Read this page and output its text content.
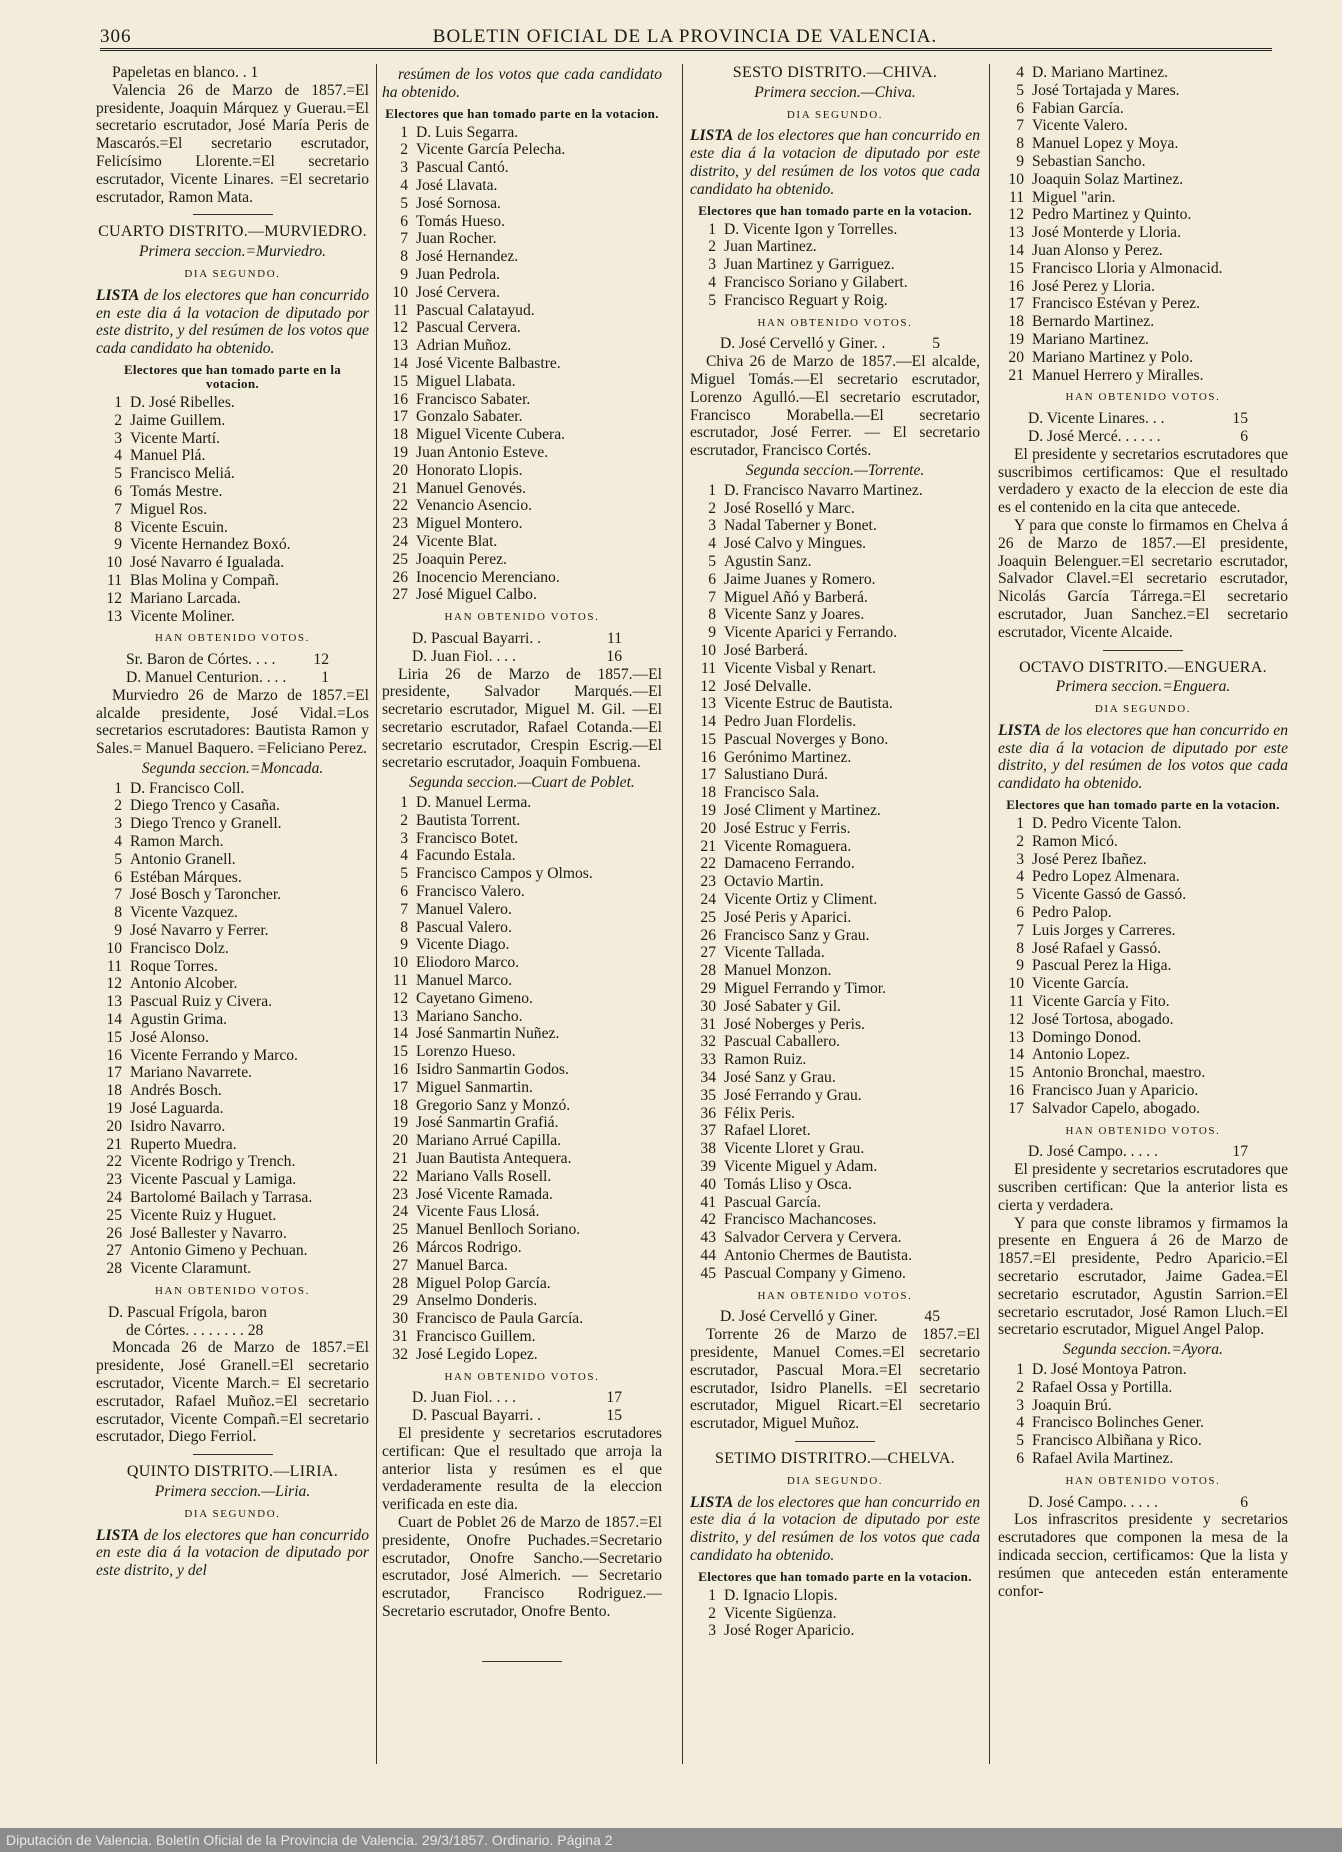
306	BOLETIN OFICIAL DE LA PROVINCIA DE VALENCIA.

Papeletas en blanco. . 1

Valencia 26 de Marzo de 1857.=El presidente, Joaquin Márquez y Guerau.=El secretario escrutador, José María Peris de Mascarós.=El secretario escrutador, Felicísimo Llorente.=El secretario escrutador, Vicente Linares. =El secretario escrutador, Ramon Mata.

CUARTO DISTRITO.—MURVIEDRO.
Primera seccion.=Murviedro.
DIA SEGUNDO.

LISTA de los electores que han concurrido en este dia á la votacion de diputado por este distrito, y del resúmen de los votos que cada candidato ha obtenido.

Electores que han tomado parte en la votacion.
1 D. José Ribelles.
2 Jaime Guillem.
3 Vicente Martí.
4 Manuel Plá.
5 Francisco Meliá.
6 Tomás Mestre.
7 Miguel Ros.
8 Vicente Escuin.
9 Vicente Hernandez Boxó.
10 José Navarro é Igualada.
11 Blas Molina y Compañ.
12 Mariano Larcada.
13 Vicente Moliner.
HAN OBTENIDO VOTOS.
Sr. Baron de Córtes. . . . 12
D. Manuel Centurion. . . . 1

Murviedro 26 de Marzo de 1857.=El alcalde presidente, José Vidal.=Los secretarios escrutadores: Bautista Ramon y Sales.= Manuel Baquero. =Feliciano Perez.

Segunda seccion.=Moncada.
1 D. Francisco Coll.
2 Diego Trenco y Casaña.
3 Diego Trenco y Granell.
4 Ramon March.
5 Antonio Granell.
6 Estéban Márques.
7 José Bosch y Taroncher.
8 Vicente Vazquez.
9 José Navarro y Ferrer.
10 Francisco Dolz.
11 Roque Torres.
12 Antonio Alcober.
13 Pascual Ruiz y Civera.
14 Agustin Grima.
15 José Alonso.
16 Vicente Ferrando y Marco.
17 Mariano Navarrete.
18 Andrés Bosch.
19 José Laguarda.
20 Isidro Navarro.
21 Ruperto Muedra.
22 Vicente Rodrigo y Trench.
23 Vicente Pascual y Lamiga.
24 Bartolomé Bailach y Tarrasa.
25 Vicente Ruiz y Huguet.
26 José Ballester y Navarro.
27 Antonio Gimeno y Pechuan.
28 Vicente Claramunt.
HAN OBTENIDO VOTOS.
D. Pascual Frígola, baron
de Córtes. . . . . . . . 28

Moncada 26 de Marzo de 1857.=El presidente, José Granell.=El secretario escrutador, Vicente March.= El secretario escrutador, Rafael Muñoz.=El secretario escrutador, Vicente Compañ.=El secretario escrutador, Diego Ferriol.

QUINTO DISTRITO.—LIRIA.
Primera seccion.—Liria.
DIA SEGUNDO.

LISTA de los electores que han concurrido en este dia á la votacion de diputado por este distrito, y del

resúmen de los votos que cada candidato ha obtenido.

Electores que han tomado parte en la votacion.
1 D. Luis Segarra.
2 Vicente García Pelecha.
3 Pascual Cantó.
4 José Llavata.
5 José Sornosa.
6 Tomás Hueso.
7 Juan Rocher.
8 José Hernandez.
9 Juan Pedrola.
10 José Cervera.
11 Pascual Calatayud.
12 Pascual Cervera.
13 Adrian Muñoz.
14 José Vicente Balbastre.
15 Miguel Llabata.
16 Francisco Sabater.
17 Gonzalo Sabater.
18 Miguel Vicente Cubera.
19 Juan Antonio Esteve.
20 Honorato Llopis.
21 Manuel Genovés.
22 Venancio Asencio.
23 Miguel Montero.
24 Vicente Blat.
25 Joaquin Perez.
26 Inocencio Merenciano.
27 José Miguel Calbo.
HAN OBTENIDO VOTOS.
D. Pascual Bayarri. .	11
D. Juan Fiol. . . .	16

Liria 26 de Marzo de 1857.—El presidente, Salvador Marqués.—El secretario escrutador, Miguel M. Gil. —El secretario escrutador, Rafael Cotanda.—El secretario escrutador, Crespin Escrig.—El secretario escrutador, Joaquin Fombuena.

Segunda seccion.—Cuart de Poblet.
1 D. Manuel Lerma.
2 Bautista Torrent.
3 Francisco Botet.
4 Facundo Estala.
5 Francisco Campos y Olmos.
6 Francisco Valero.
7 Manuel Valero.
8 Pascual Valero.
9 Vicente Diago.
10 Eliodoro Marco.
11 Manuel Marco.
12 Cayetano Gimeno.
13 Mariano Sancho.
14 José Sanmartin Nuñez.
15 Lorenzo Hueso.
16 Isidro Sanmartin Godos.
17 Miguel Sanmartin.
18 Gregorio Sanz y Monzó.
19 José Sanmartin Grafiá.
20 Mariano Arrué Capilla.
21 Juan Bautista Antequera.
22 Mariano Valls Rosell.
23 José Vicente Ramada.
24 Vicente Faus Llosá.
25 Manuel Benlloch Soriano.
26 Márcos Rodrigo.
27 Manuel Barca.
28 Miguel Polop García.
29 Anselmo Donderis.
30 Francisco de Paula García.
31 Francisco Guillem.
32 José Legido Lopez.
HAN OBTENIDO VOTOS.
D. Juan Fiol. . . .	17
D. Pascual Bayarri. .	15

El presidente y secretarios escrutadores certifican: Que el resultado que arroja la anterior lista y resúmen es el que verdaderamente resulta de la eleccion verificada en este dia.

Cuart de Poblet 26 de Marzo de 1857.=El presidente, Onofre Puchades.=Secretario escrutador, Onofre Sancho.—Secretario escrutador, José Almerich. — Secretario escrutador, Francisco Rodriguez.—Secretario escrutador, Onofre Bento.

SESTO DISTRITO.—CHIVA.
Primera seccion.—Chiva.
DIA SEGUNDO.

LISTA de los electores que han concurrido en este dia á la votacion de diputado por este distrito, y del resúmen de los votos que cada candidato ha obtenido.

Electores que han tomado parte en la votacion.
1 D. Vicente Igon y Torrelles.
2 Juan Martinez.
3 Juan Martinez y Garriguez.
4 Francisco Soriano y Gilabert.
5 Francisco Reguart y Roig.
HAN OBTENIDO VOTOS.
D. José Cervelló y Giner. .	5

Chiva 26 de Marzo de 1857.—El alcalde, Miguel Tomás.—El secretario escrutador, Lorenzo Agulló.—El secretario escrutador, Francisco Morabella.—El secretario escrutador, José Ferrer. — El secretario escrutador, Francisco Cortés.

Segunda seccion.—Torrente.
1 D. Francisco Navarro Martinez.
2 José Roselló y Marc.
3 Nadal Taberner y Bonet.
4 José Calvo y Mingues.
5 Agustin Sanz.
6 Jaime Juanes y Romero.
7 Miguel Añó y Barberá.
8 Vicente Sanz y Joares.
9 Vicente Aparici y Ferrando.
10 José Barberá.
11 Vicente Visbal y Renart.
12 José Delvalle.
13 Vicente Estruc de Bautista.
14 Pedro Juan Flordelis.
15 Pascual Noverges y Bono.
16 Gerónimo Martinez.
17 Salustiano Durá.
18 Francisco Sala.
19 José Climent y Martinez.
20 José Estruc y Ferris.
21 Vicente Romaguera.
22 Damaceno Ferrando.
23 Octavio Martin.
24 Vicente Ortiz y Climent.
25 José Peris y Aparici.
26 Francisco Sanz y Grau.
27 Vicente Tallada.
28 Manuel Monzon.
29 Miguel Ferrando y Timor.
30 José Sabater y Gil.
31 José Noberges y Peris.
32 Pascual Caballero.
33 Ramon Ruiz.
34 José Sanz y Grau.
35 José Ferrando y Grau.
36 Félix Peris.
37 Rafael Lloret.
38 Vicente Lloret y Grau.
39 Vicente Miguel y Adam.
40 Tomás Lliso y Osca.
41 Pascual García.
42 Francisco Machancoses.
43 Salvador Cervera y Cervera.
44 Antonio Chermes de Bautista.
45 Pascual Company y Gimeno.
HAN OBTENIDO VOTOS.
D. José Cervelló y Giner.	45

Torrente 26 de Marzo de 1857.=El presidente, Manuel Comes.=El secretario escrutador, Pascual Mora.=El secretario escrutador, Isidro Planells. =El secretario escrutador, Miguel Ricart.=El secretario escrutador, Miguel Muñoz.

SETIMO DISTRITRO.—CHELVA.
DIA SEGUNDO.

LISTA de los electores que han concurrido en este dia á la votacion de diputado por este distrito, y del resúmen de los votos que cada candidato ha obtenido.

Electores que han tomado parte en la votacion.
1 D. Ignacio Llopis.
2 Vicente Sigüenza.
3 José Roger Aparicio.
4 D. Mariano Martinez.
5 José Tortajada y Mares.
6 Fabian García.
7 Vicente Valero.
8 Manuel Lopez y Moya.
9 Sebastian Sancho.
10 Joaquin Solaz Martinez.
11 Miguel "arin.
12 Pedro Martinez y Quinto.
13 José Monterde y Lloria.
14 Juan Alonso y Perez.
15 Francisco Lloria y Almonacid.
16 José Perez y Lloria.
17 Francisco Estévan y Perez.
18 Bernardo Martinez.
19 Mariano Martinez.
20 Mariano Martinez y Polo.
21 Manuel Herrero y Miralles.
HAN OBTENIDO VOTOS.
D. Vicente Linares. . .	15
D. José Mercé. . . . . .	6

El presidente y secretarios escrutadores que suscribimos certificamos: Que el resultado verdadero y exacto de la eleccion de este dia es el contenido en la cita que antecede.

Y para que conste lo firmamos en Chelva á 26 de Marzo de 1857.—El presidente, Joaquin Belenguer.=El secretario escrutador, Salvador Clavel.=El secretario escrutador, Nicolás García Tárrega.=El secretario escrutador, Juan Sanchez.=El secretario escrutador, Vicente Alcaide.

OCTAVO DISTRITO.—ENGUERA.
Primera seccion.=Enguera.
DIA SEGUNDO.

LISTA de los electores que han concurrido en este dia á la votacion de diputado por este distrito, y del resúmen de los votos que cada candidato ha obtenido.

Electores que han tomado parte en la votacion.
1 D. Pedro Vicente Talon.
2 Ramon Micó.
3 José Perez Ibañez.
4 Pedro Lopez Almenara.
5 Vicente Gassó de Gassó.
6 Pedro Palop.
7 Luis Jorges y Carreres.
8 José Rafael y Gassó.
9 Pascual Perez la Higa.
10 Vicente García.
11 Vicente García y Fito.
12 José Tortosa, abogado.
13 Domingo Donod.
14 Antonio Lopez.
15 Antonio Bronchal, maestro.
16 Francisco Juan y Aparicio.
17 Salvador Capelo, abogado.
HAN OBTENIDO VOTOS.
D. José Campo. . . . .	17

El presidente y secretarios escrutadores que suscriben certifican: Que la anterior lista es cierta y verdadera.

Y para que conste libramos y firmamos la presente en Enguera á 26 de Marzo de 1857.=El presidente, Pedro Aparicio.=El secretario escrutador, Jaime Gadea.=El secretario escrutador, Agustin Sarrion.=El secretario escrutador, José Ramon Lluch.=El secretario escrutador, Miguel Angel Palop.

Segunda seccion.=Ayora.
1 D. José Montoya Patron.
2 Rafael Ossa y Portilla.
3 Joaquin Brú.
4 Francisco Bolinches Gener.
5 Francisco Albiñana y Rico.
6 Rafael Avila Martinez.
HAN OBTENIDO VOTOS.
D. José Campo. . . . .	6

Los infrascritos presidente y secretarios escrutadores que componen la mesa de la indicada seccion, certificamos: Que la lista y resúmen que anteceden están enteramente confor-

Diputación de Valencia. Boletín Oficial de la Provincia de Valencia. 29/3/1857. Ordinario. Página 2
